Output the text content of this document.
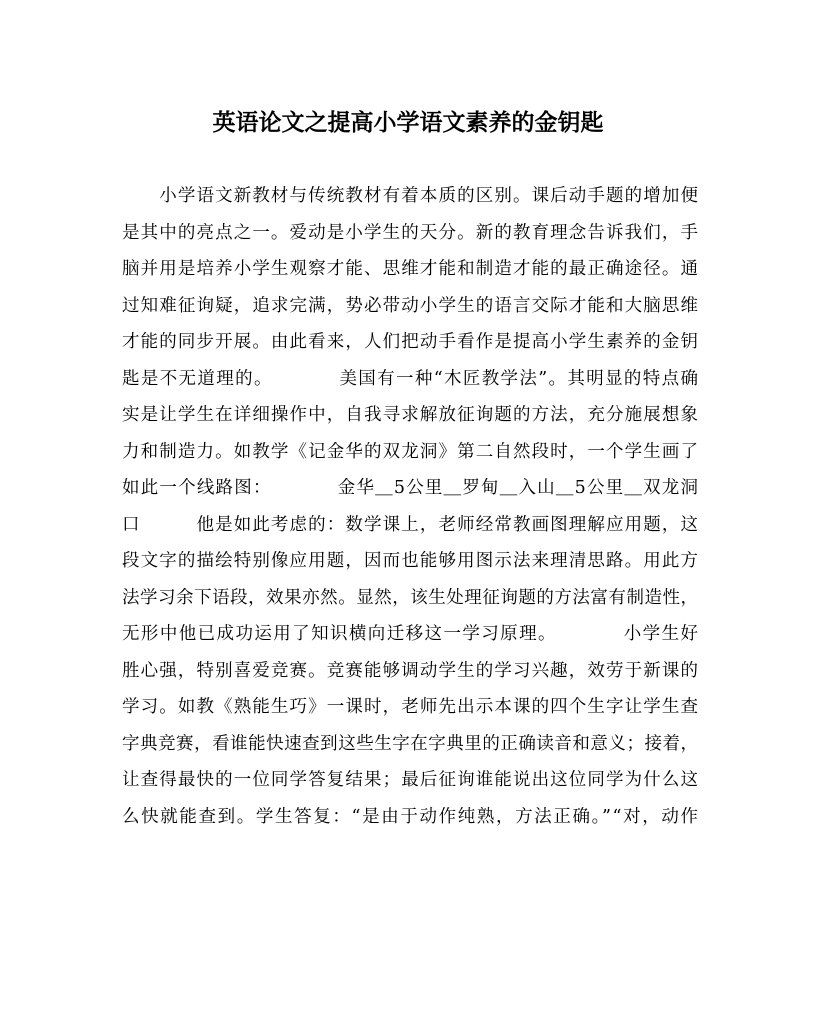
英语论文之提高小学语文素养的金钥匙
　　小学语文新教材与传统教材有着本质的区别。课后动手题的增加便
是其中的亮点之一。爱动是小学生的天分。新的教育理念告诉我们，手
脑并用是培养小学生观察才能、思维才能和制造才能的最正确途径。通
过知难征询疑，追求完满，势必带动小学生的语言交际才能和大脑思维
才能的同步开展。由此看来，人们把动手看作是提高小学生素养的金钥
匙是不无道理的。　　　　美国有一种“木匠教学法”。其明显的特点确
实是让学生在详细操作中，自我寻求解放征询题的方法，充分施展想象
力和制造力。如教学《记金华的双龙洞》第二自然段时，一个学生画了
如此一个线路图：　　　　金华＿5公里＿罗甸＿入山＿5公里＿双龙洞
口　　　他是如此考虑的：数学课上，老师经常教画图理解应用题，这
段文字的描绘特别像应用题，因而也能够用图示法来理清思路。用此方
法学习余下语段，效果亦然。显然，该生处理征询题的方法富有制造性，
无形中他已成功运用了知识横向迁移这一学习原理。　　　　小学生好
胜心强，特别喜爱竞赛。竞赛能够调动学生的学习兴趣，效劳于新课的
学习。如教《熟能生巧》一课时，老师先出示本课的四个生字让学生查
字典竞赛，看谁能快速查到这些生字在字典里的正确读音和意义；接着，
让查得最快的一位同学答复结果；最后征询谁能说出这位同学为什么这
么快就能查到。学生答复：“是由于动作纯熟，方法正确。”“对，动作
